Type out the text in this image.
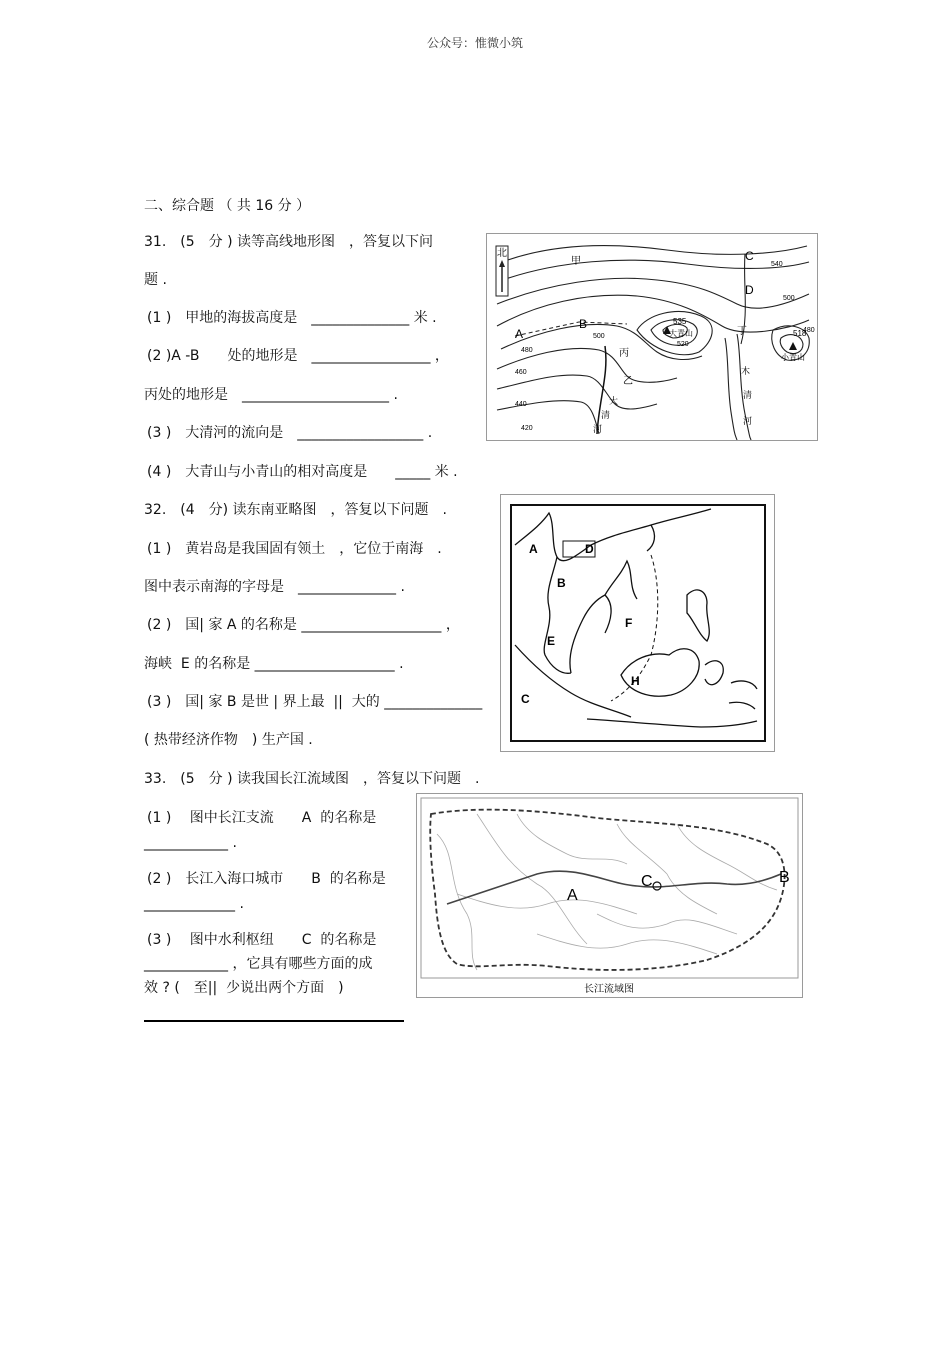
公众号：惟微小筑
二、综合题 （ 共 16 分 ）
31.　(5　分 ) 读等高线地形图　，答复以下问
题 .
(1 )　甲地的海拔高度是　______________ 米 .
(2 )A -B　　处的地形是　_________________ ，
丙处的地形是　_____________________ .
(3 )　大清河的流向是　__________________ .
(4 )　大青山与小青山的相对高度是　　_____ 米 .
北
甲
A
B
C
D
丙
乙
丁
535
大青山	518
小青山
480
460
440
420
500
520
540
500
480
大
清
河
木
清
河
32.　(4　分) 读东南亚略图　，答复以下问题　.
(1 )　黄岩岛是我国固有领土　，它位于南海　.
图中表示南海的字母是　______________ .
(2 )　国| 家 A 的名称是 ____________________ ，
海峡  E 的名称是 ____________________ .
(3 )　国| 家 B 是世 | 界上最  ||  大的 ______________
( 热带经济作物　) 生产国 .
A
B
C
D
E
F
H
33.　(5　分 ) 读我国长江流域图　，答复以下问题　.
(1 )　 图中长江支流　　A  的名称是
____________ .
(2 )　长江入海口城市　　B  的名称是
_____________ .
(3 )　 图中水利枢纽　　C  的名称是
____________ ，它具有哪些方面的成
效 ? (　至||  少说出两个方面　)
A
B
C
长江流域图
